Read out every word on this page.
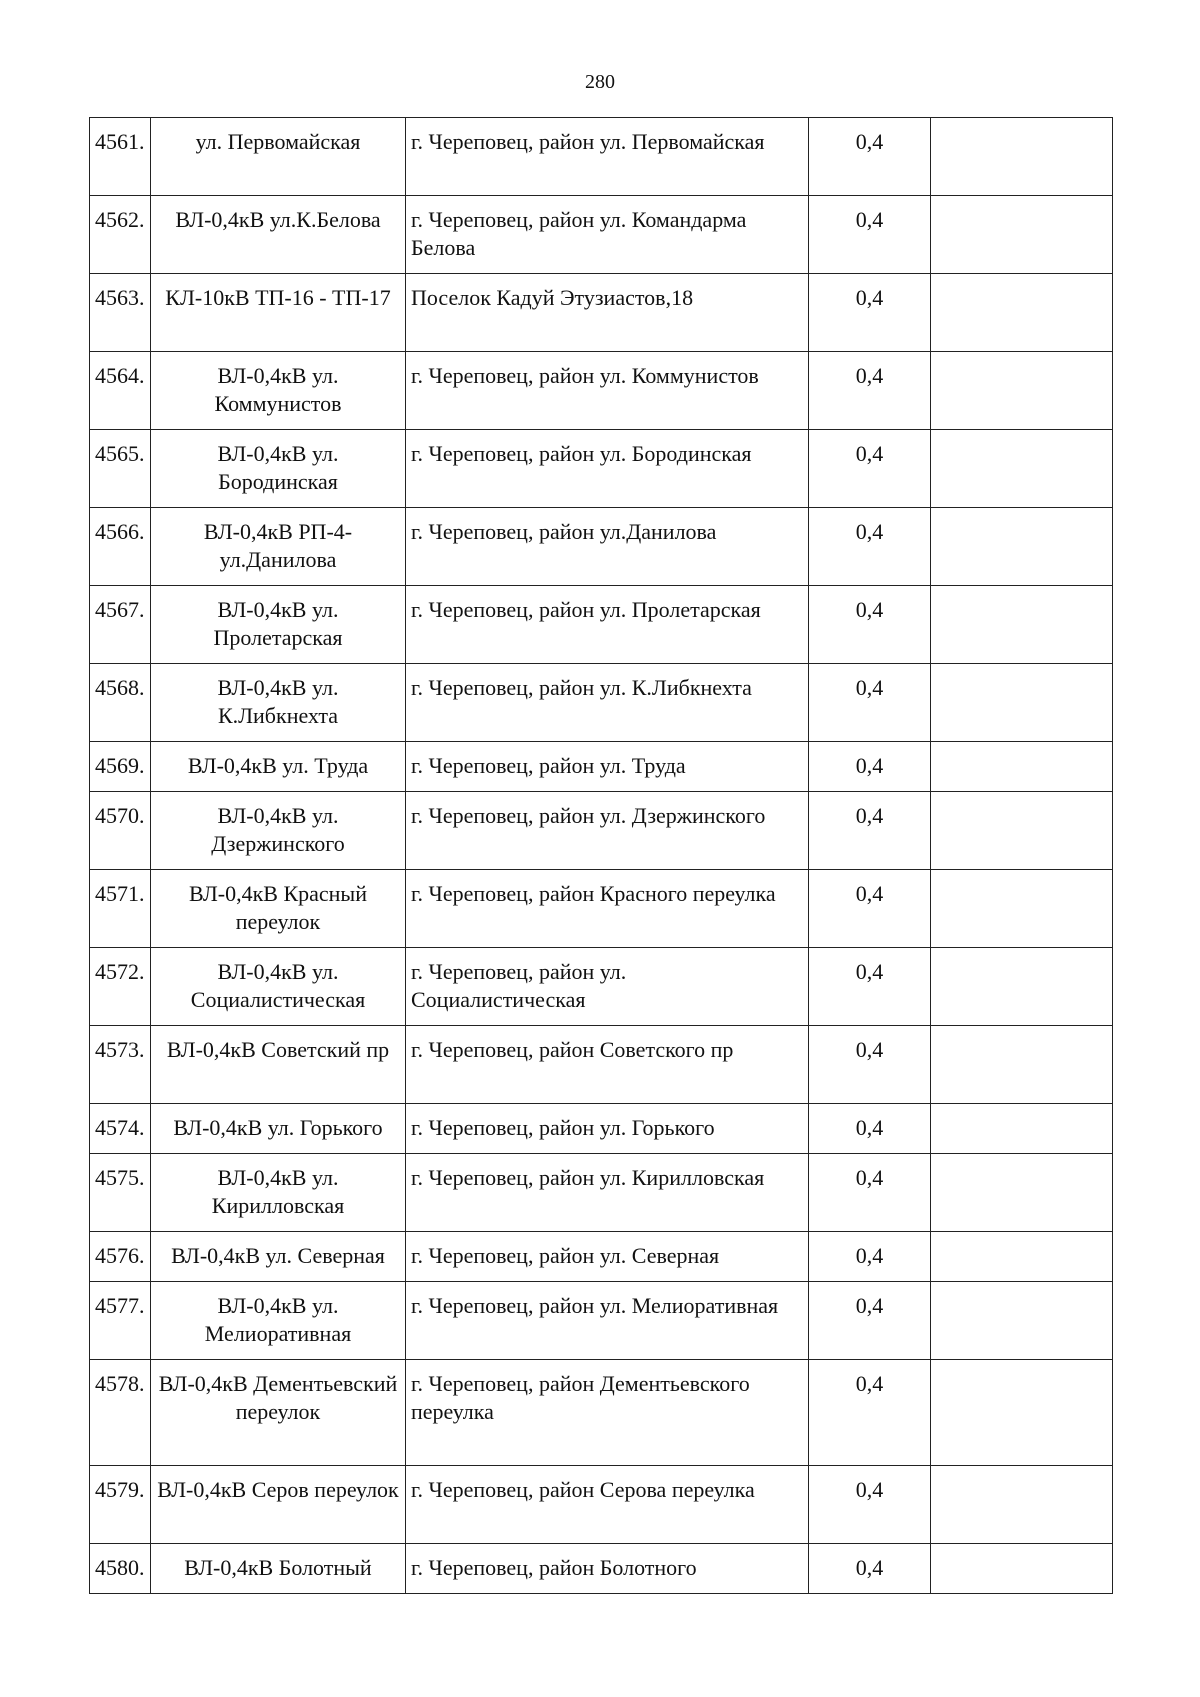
280
4561.	ул. Первомайская	г. Череповец, район ул. Первомайская	0,4	
4562.	ВЛ-0,4кВ ул.К.Белова	г. Череповец, район ул. Командарма Белова	0,4	
4563.	КЛ-10кВ ТП-16 - ТП-17	Поселок Кадуй Этузиастов,18	0,4	
4564.	ВЛ-0,4кВ ул. Коммунистов	г. Череповец, район ул. Коммунистов	0,4	
4565.	ВЛ-0,4кВ ул. Бородинская	г. Череповец, район ул. Бородинская	0,4	
4566.	ВЛ-0,4кВ РП-4-ул.Данилова	г. Череповец, район ул.Данилова	0,4	
4567.	ВЛ-0,4кВ ул. Пролетарская	г. Череповец, район ул. Пролетарская	0,4	
4568.	ВЛ-0,4кВ ул. К.Либкнехта	г. Череповец, район ул. К.Либкнехта	0,4	
4569.	ВЛ-0,4кВ ул. Труда	г. Череповец, район ул. Труда	0,4	
4570.	ВЛ-0,4кВ ул. Дзержинского	г. Череповец, район ул. Дзержинского	0,4	
4571.	ВЛ-0,4кВ Красный переулок	г. Череповец, район Красного переулка	0,4	
4572.	ВЛ-0,4кВ ул. Социалистическая	г. Череповец, район ул. Социалистическая	0,4	
4573.	ВЛ-0,4кВ Советский пр	г. Череповец, район Советского пр	0,4	
4574.	ВЛ-0,4кВ ул. Горького	г. Череповец, район ул. Горького	0,4	
4575.	ВЛ-0,4кВ ул. Кирилловская	г. Череповец, район ул. Кирилловская	0,4	
4576.	ВЛ-0,4кВ ул. Северная	г. Череповец, район ул. Северная	0,4	
4577.	ВЛ-0,4кВ ул. Мелиоративная	г. Череповец, район ул. Мелиоративная	0,4	
4578.	ВЛ-0,4кВ Дементьевский переулок	г. Череповец, район Дементьевского переулка	0,4	
4579.	ВЛ-0,4кВ Серов переулок	г. Череповец, район Серова переулка	0,4	
4580.	ВЛ-0,4кВ Болотный	г. Череповец, район Болотного	0,4	
